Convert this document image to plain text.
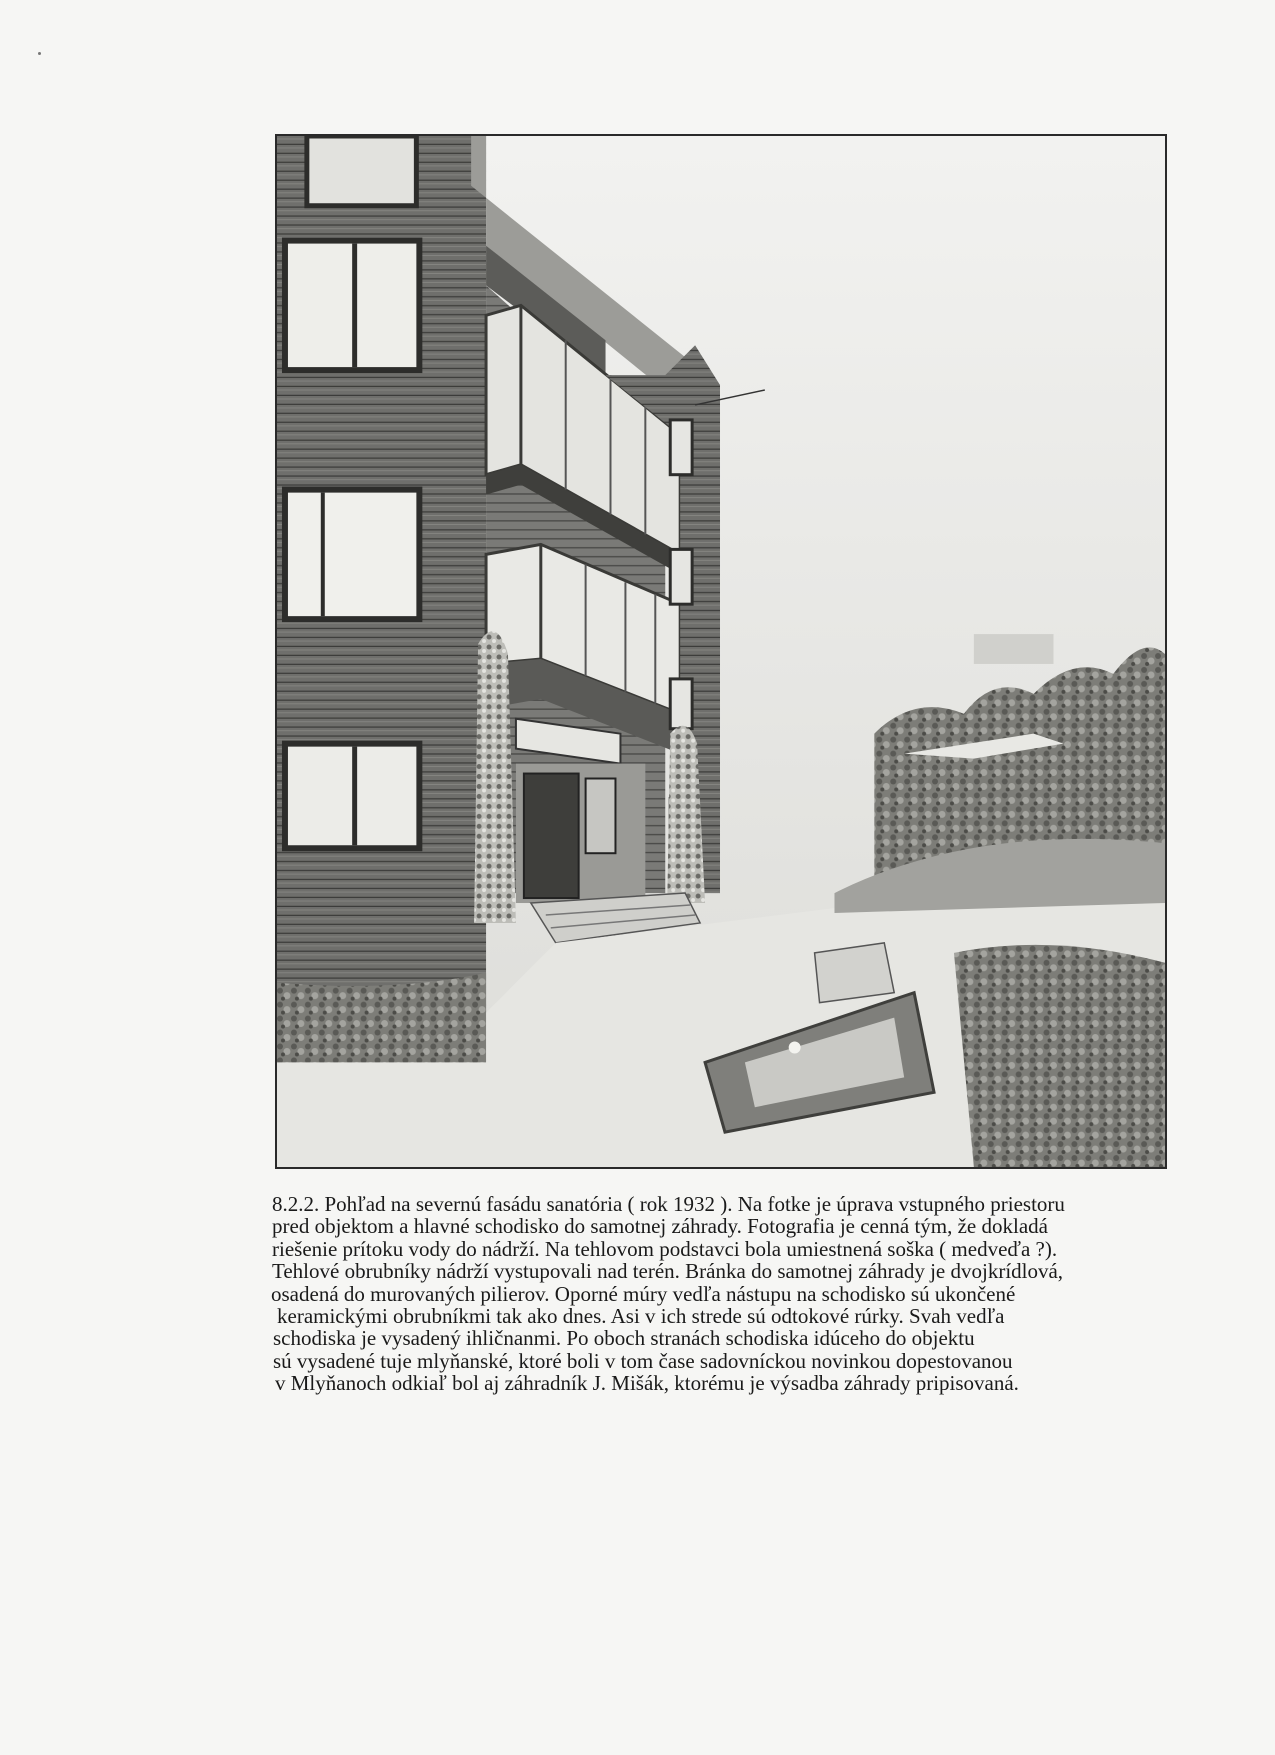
8.2.2. Pohľad na severnú fasádu sanatória ( rok 1932 ). Na fotke je úprava vstupného priestoru
pred objektom a hlavné schodisko do samotnej záhrady. Fotografia je cenná tým, že dokladá
riešenie prítoku vody do nádrží. Na tehlovom podstavci bola umiestnená soška ( medveďa ?).
Tehlové obrubníky nádrží vystupovali nad terén. Bránka do samotnej záhrady je dvojkrídlová,
osadená do murovaných pilierov. Oporné múry vedľa nástupu na schodisko sú ukončené
keramickými obrubníkmi tak ako dnes. Asi v ich strede sú odtokové rúrky. Svah vedľa
schodiska je vysadený ihličnanmi. Po oboch stranách schodiska idúceho do objektu
sú vysadené tuje mlyňanské, ktoré boli v tom čase sadovníckou novinkou dopestovanou
v Mlyňanoch odkiaľ bol aj záhradník J. Mišák, ktorému je výsadba záhrady pripisovaná.
